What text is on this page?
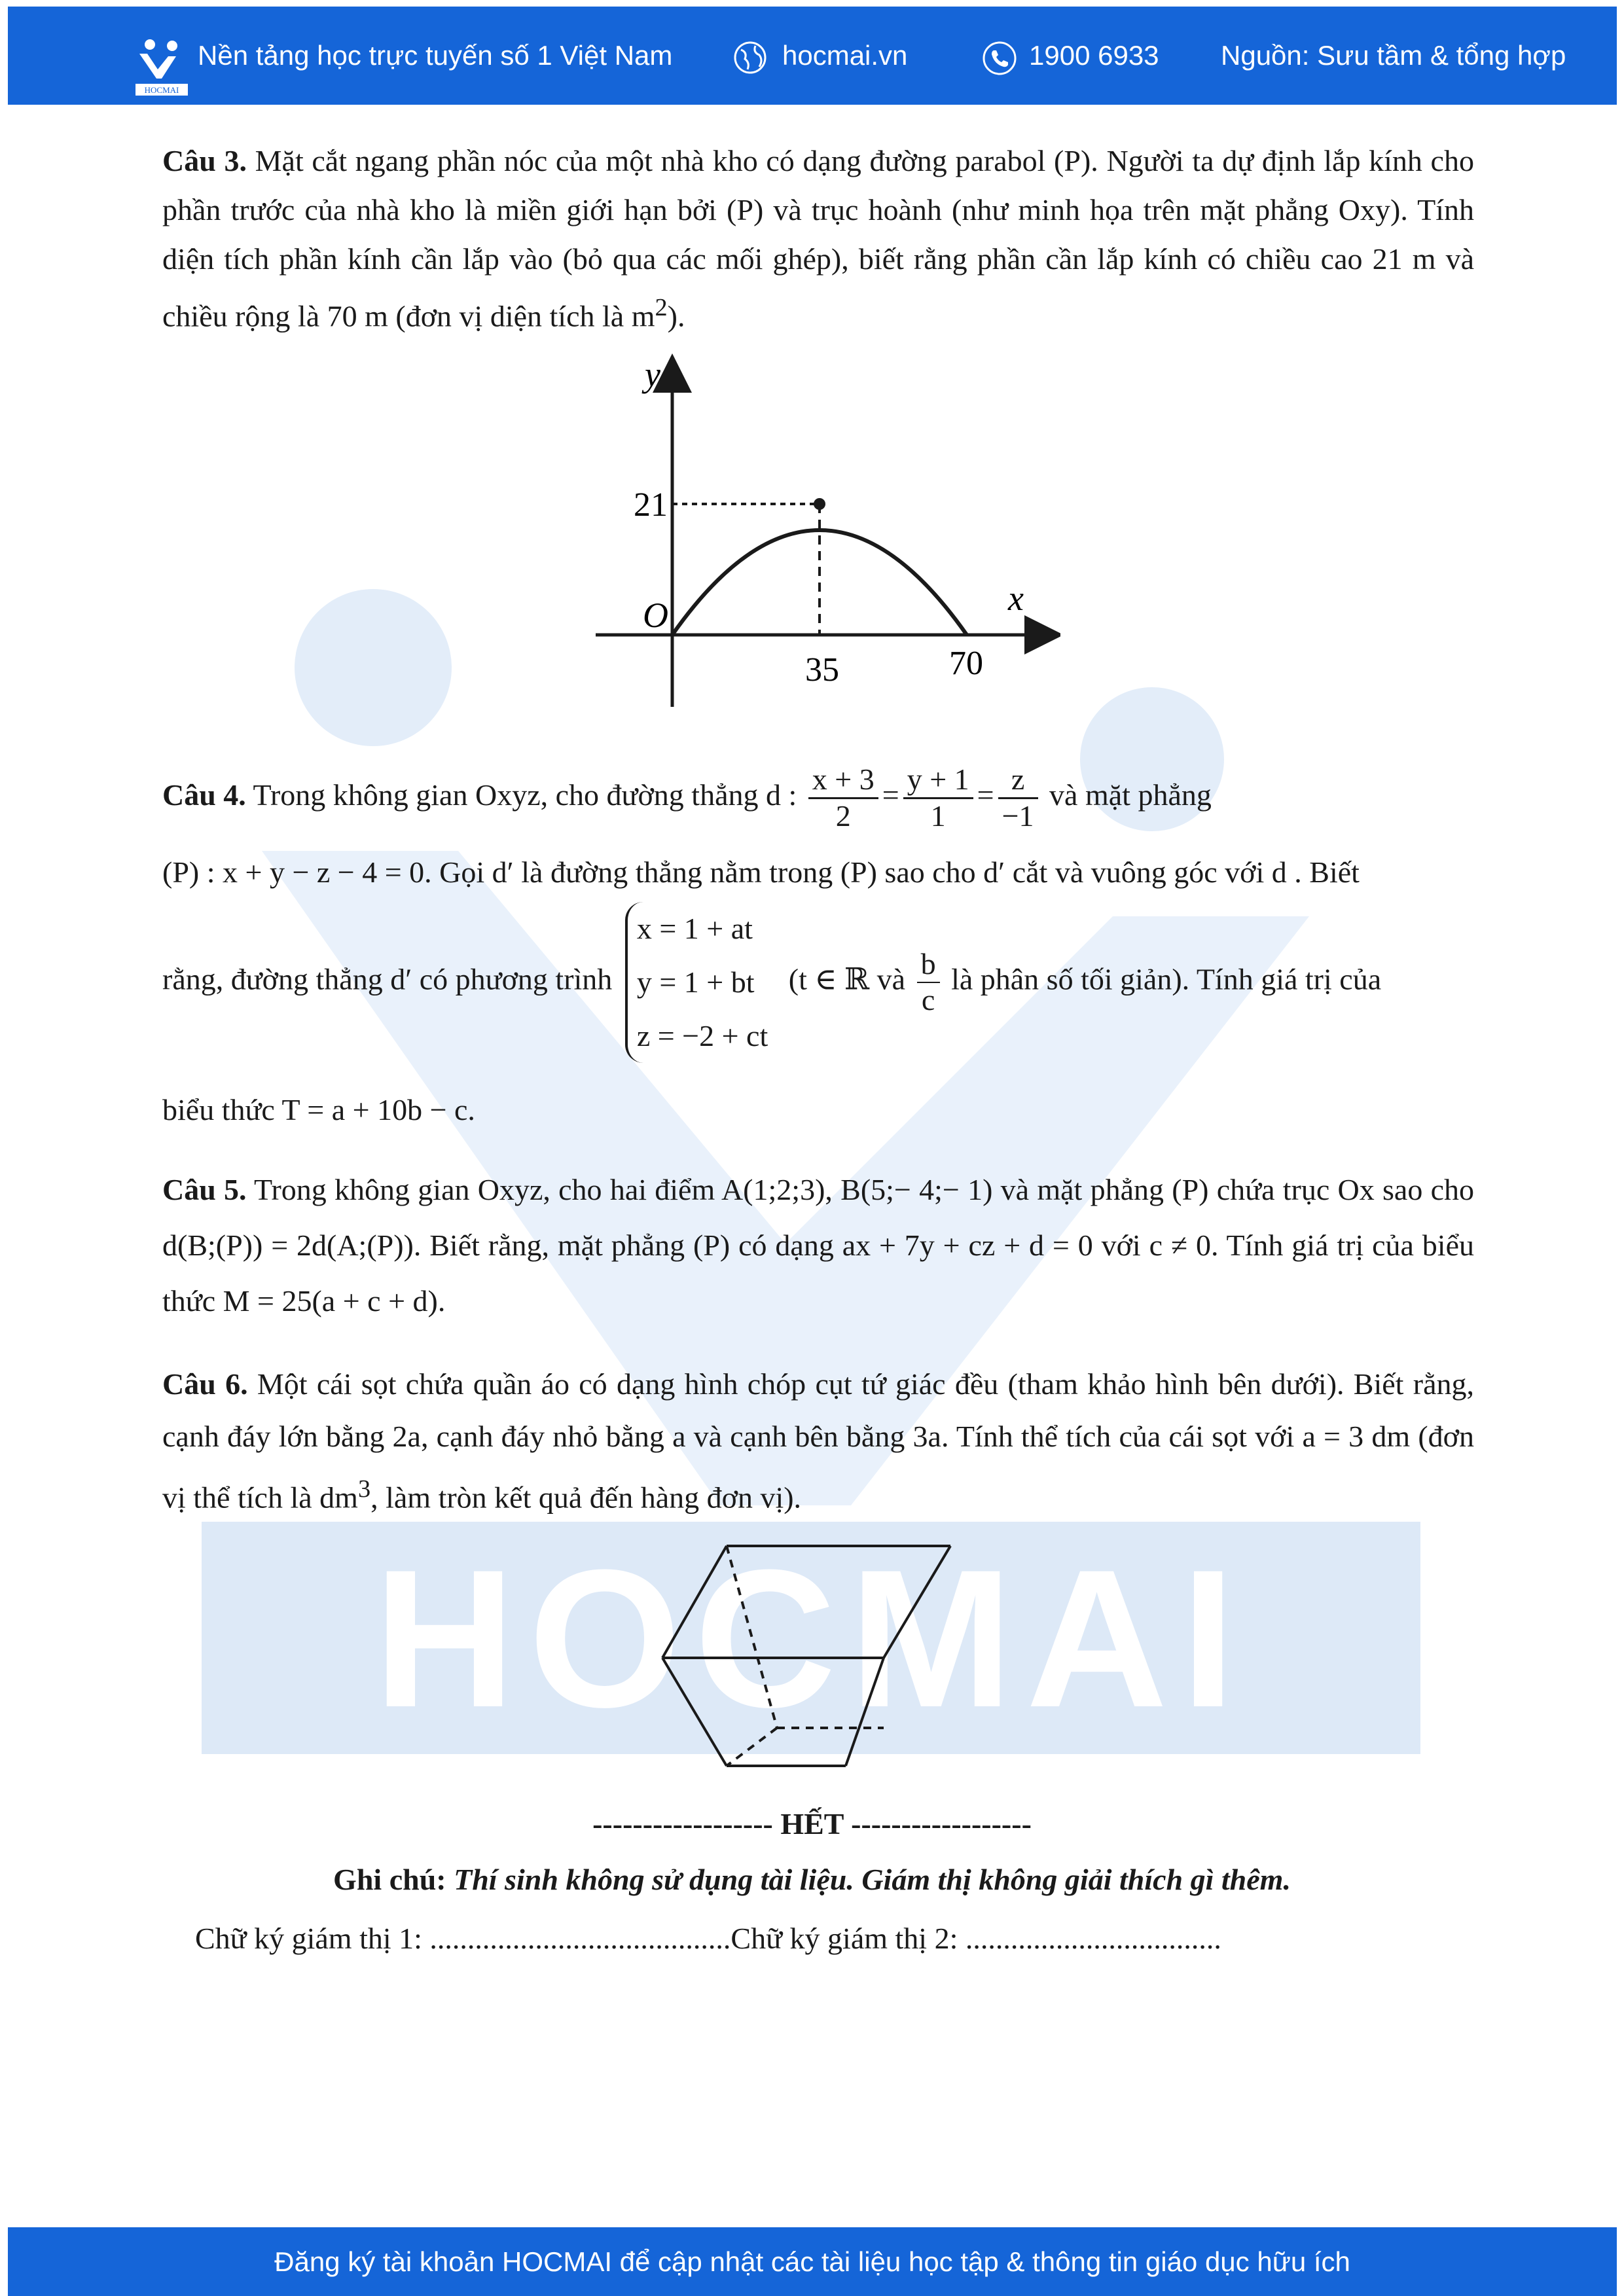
HOCMAI
HOCMAI
Nền tảng học trực tuyến số 1 Việt Nam	hocmai.vn	1900 6933 Nguồn: Sưu tầm & tổng hợp
Câu 3. Mặt cắt ngang phần nóc của một nhà kho có dạng đường parabol (P). Người ta dự định lắp kính cho phần trước của nhà kho là miền giới hạn bởi (P) và trục hoành (như minh họa trên mặt phẳng Oxy). Tính diện tích phần kính cần lắp vào (bỏ qua các mối ghép), biết rằng phần cần lắp kính có chiều cao 21 m và chiều rộng là 70 m (đơn vị diện tích là $m^2$).
y
x
O
21
35	70
Câu 4. Trong không gian Oxyz, cho đường thẳng d : $\frac{x + 3}{2} = \frac{y + 1}{1} = \frac{z}{-1}$ và mặt phẳng
(P) : x + y − z − 4 = 0. Gọi d′ là đường thẳng nằm trong (P) sao cho d′ cắt và vuông góc với d . Biết
rằng, đường thẳng d′ có phương trình
x = 1 + at
y = 1 + bt
z = −2 + ct
(t ∈ ℝ và $\frac{b}{c}$ là phân số tối giản). Tính giá trị của
biểu thức T = a + 10b − c.
Câu 5. Trong không gian Oxyz, cho hai điểm A(1;2;3), B(5;− 4;− 1) và mặt phẳng (P) chứa trục Ox sao cho d(B;(P)) = 2d(A;(P)). Biết rằng, mặt phẳng (P) có dạng ax + 7y + cz + d = 0 với c ≠ 0. Tính giá trị của biểu thức M = 25(a + c + d).
Câu 6. Một cái sọt chứa quần áo có dạng hình chóp cụt tứ giác đều (tham khảo hình bên dưới). Biết rằng, cạnh đáy lớn bằng 2a, cạnh đáy nhỏ bằng a và cạnh bên bằng 3a. Tính thể tích của cái sọt với a = 3 dm (đơn vị thể tích là $dm^3$, làm tròn kết quả đến hàng đơn vị).
------------------ HẾT ------------------
Ghi chú: Thí sinh không sử dụng tài liệu. Giám thị không giải thích gì thêm.
Chữ ký giám thị 1: ........................................Chữ ký giám thị 2: ..................................
Đăng ký tài khoản HOCMAI để cập nhật các tài liệu học tập & thông tin giáo dục hữu ích
